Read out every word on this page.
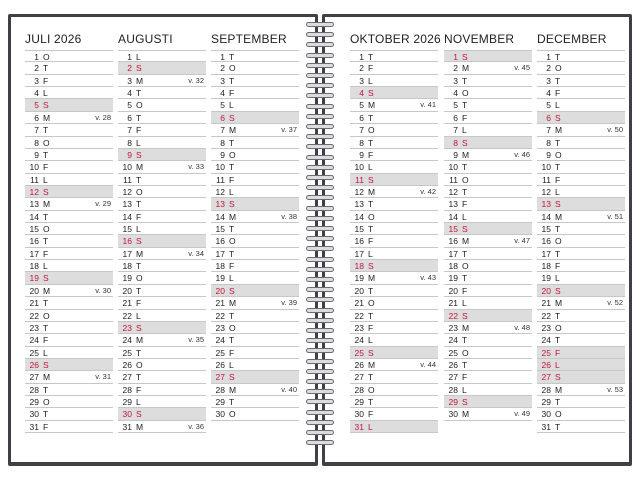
JULI 2026
1 O
2 T
3 F
4 L
5 S
6 M	v. 28
7 T
8 O
9 T
10 F
11 L
12 S
13 M	v. 29
14 T
15 O
16 T
17 F
18 L
19 S
20 M	v. 30
21 T
22 O
23 T
24 F
25 L
26 S
27 M	v. 31
28 T
29 O
30 T
31 F
AUGUSTI
1 L
2 S
3 M	v. 32
4 T
5 O
6 T
7 F
8 L
9 S
10 M	v. 33
11 T
12 O
13 T
14 F
15 L
16 S
17 M	v. 34
18 T
19 O
20 T
21 F
22 L
23 S
24 M	v. 35
25 T
26 O
27 T
28 F
29 L
30 S
31 M	v. 36
SEPTEMBER
1 T
2 O
3 T
4 F
5 L
6 S
7 M	v. 37
8 T
9 O
10 T
11 F
12 L
13 S
14 M	v. 38
15 T
16 O
17 T
18 F
19 L
20 S
21 M	v. 39
22 T
23 O
24 T
25 F
26 L
27 S
28 M	v. 40
29 T
30 O
OKTOBER 2026
1 T
2 F
3 L
4 S
5 M	v. 41
6 T
7 O
8 T
9 F
10 L
11 S
12 M	v. 42
13 T
14 O
15 T
16 F
17 L
18 S
19 M	v. 43
20 T
21 O
22 T
23 F
24 L
25 S
26 M	v. 44
27 T
28 O
29 T
30 F
31 L
NOVEMBER
1 S
2 M	v. 45
3 T
4 O
5 T
6 F
7 L
8 S
9 M	v. 46
10 T
11 O
12 T
13 F
14 L
15 S
16 M	v. 47
17 T
18 O
19 T
20 F
21 L
22 S
23 M	v. 48
24 T
25 O
26 T
27 F
28 L
29 S
30 M	v. 49
DECEMBER
1 T
2 O
3 T
4 F
5 L
6 S
7 M	v. 50
8 T
9 O
10 T
11 F
12 L
13 S
14 M	v. 51
15 T
16 O
17 T
18 F
19 L
20 S
21 M	v. 52
22 T
23 O
24 T
25 F
26 L
27 S
28 M	v. 53
29 T
30 O
31 T
